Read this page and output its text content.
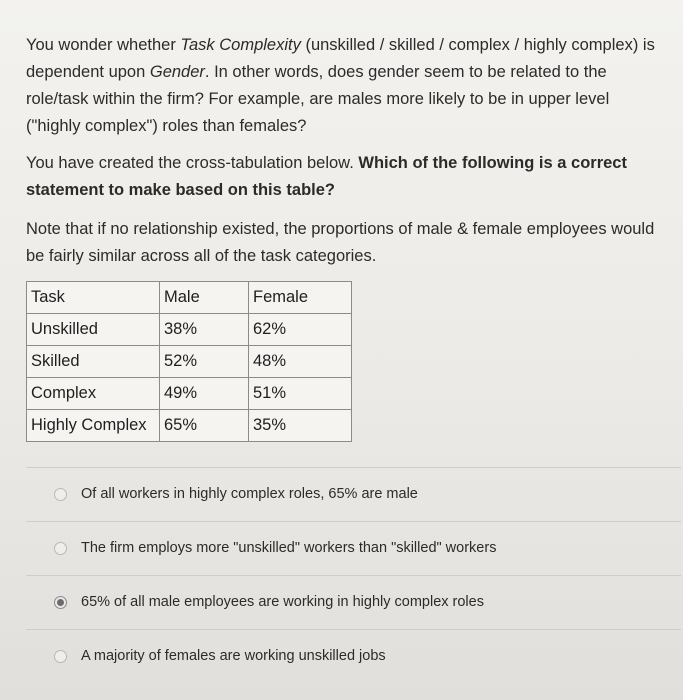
You wonder whether Task Complexity (unskilled / skilled / complex / highly complex) is dependent upon Gender. In other words, does gender seem to be related to the role/task within the firm? For example, are males more likely to be in upper level ("highly complex") roles than females?

You have created the cross-tabulation below. Which of the following is a correct statement to make based on this table?

Note that if no relationship existed, the proportions of male & female employees would be fairly similar across all of the task categories.

Task	Male	Female
Unskilled	38%	62%
Skilled	52%	48%
Complex	49%	51%
Highly Complex	65%	35%
Of all workers in highly complex roles, 65% are male
The firm employs more "unskilled" workers than "skilled" workers
65% of all male employees are working in highly complex roles
A majority of females are working unskilled jobs
